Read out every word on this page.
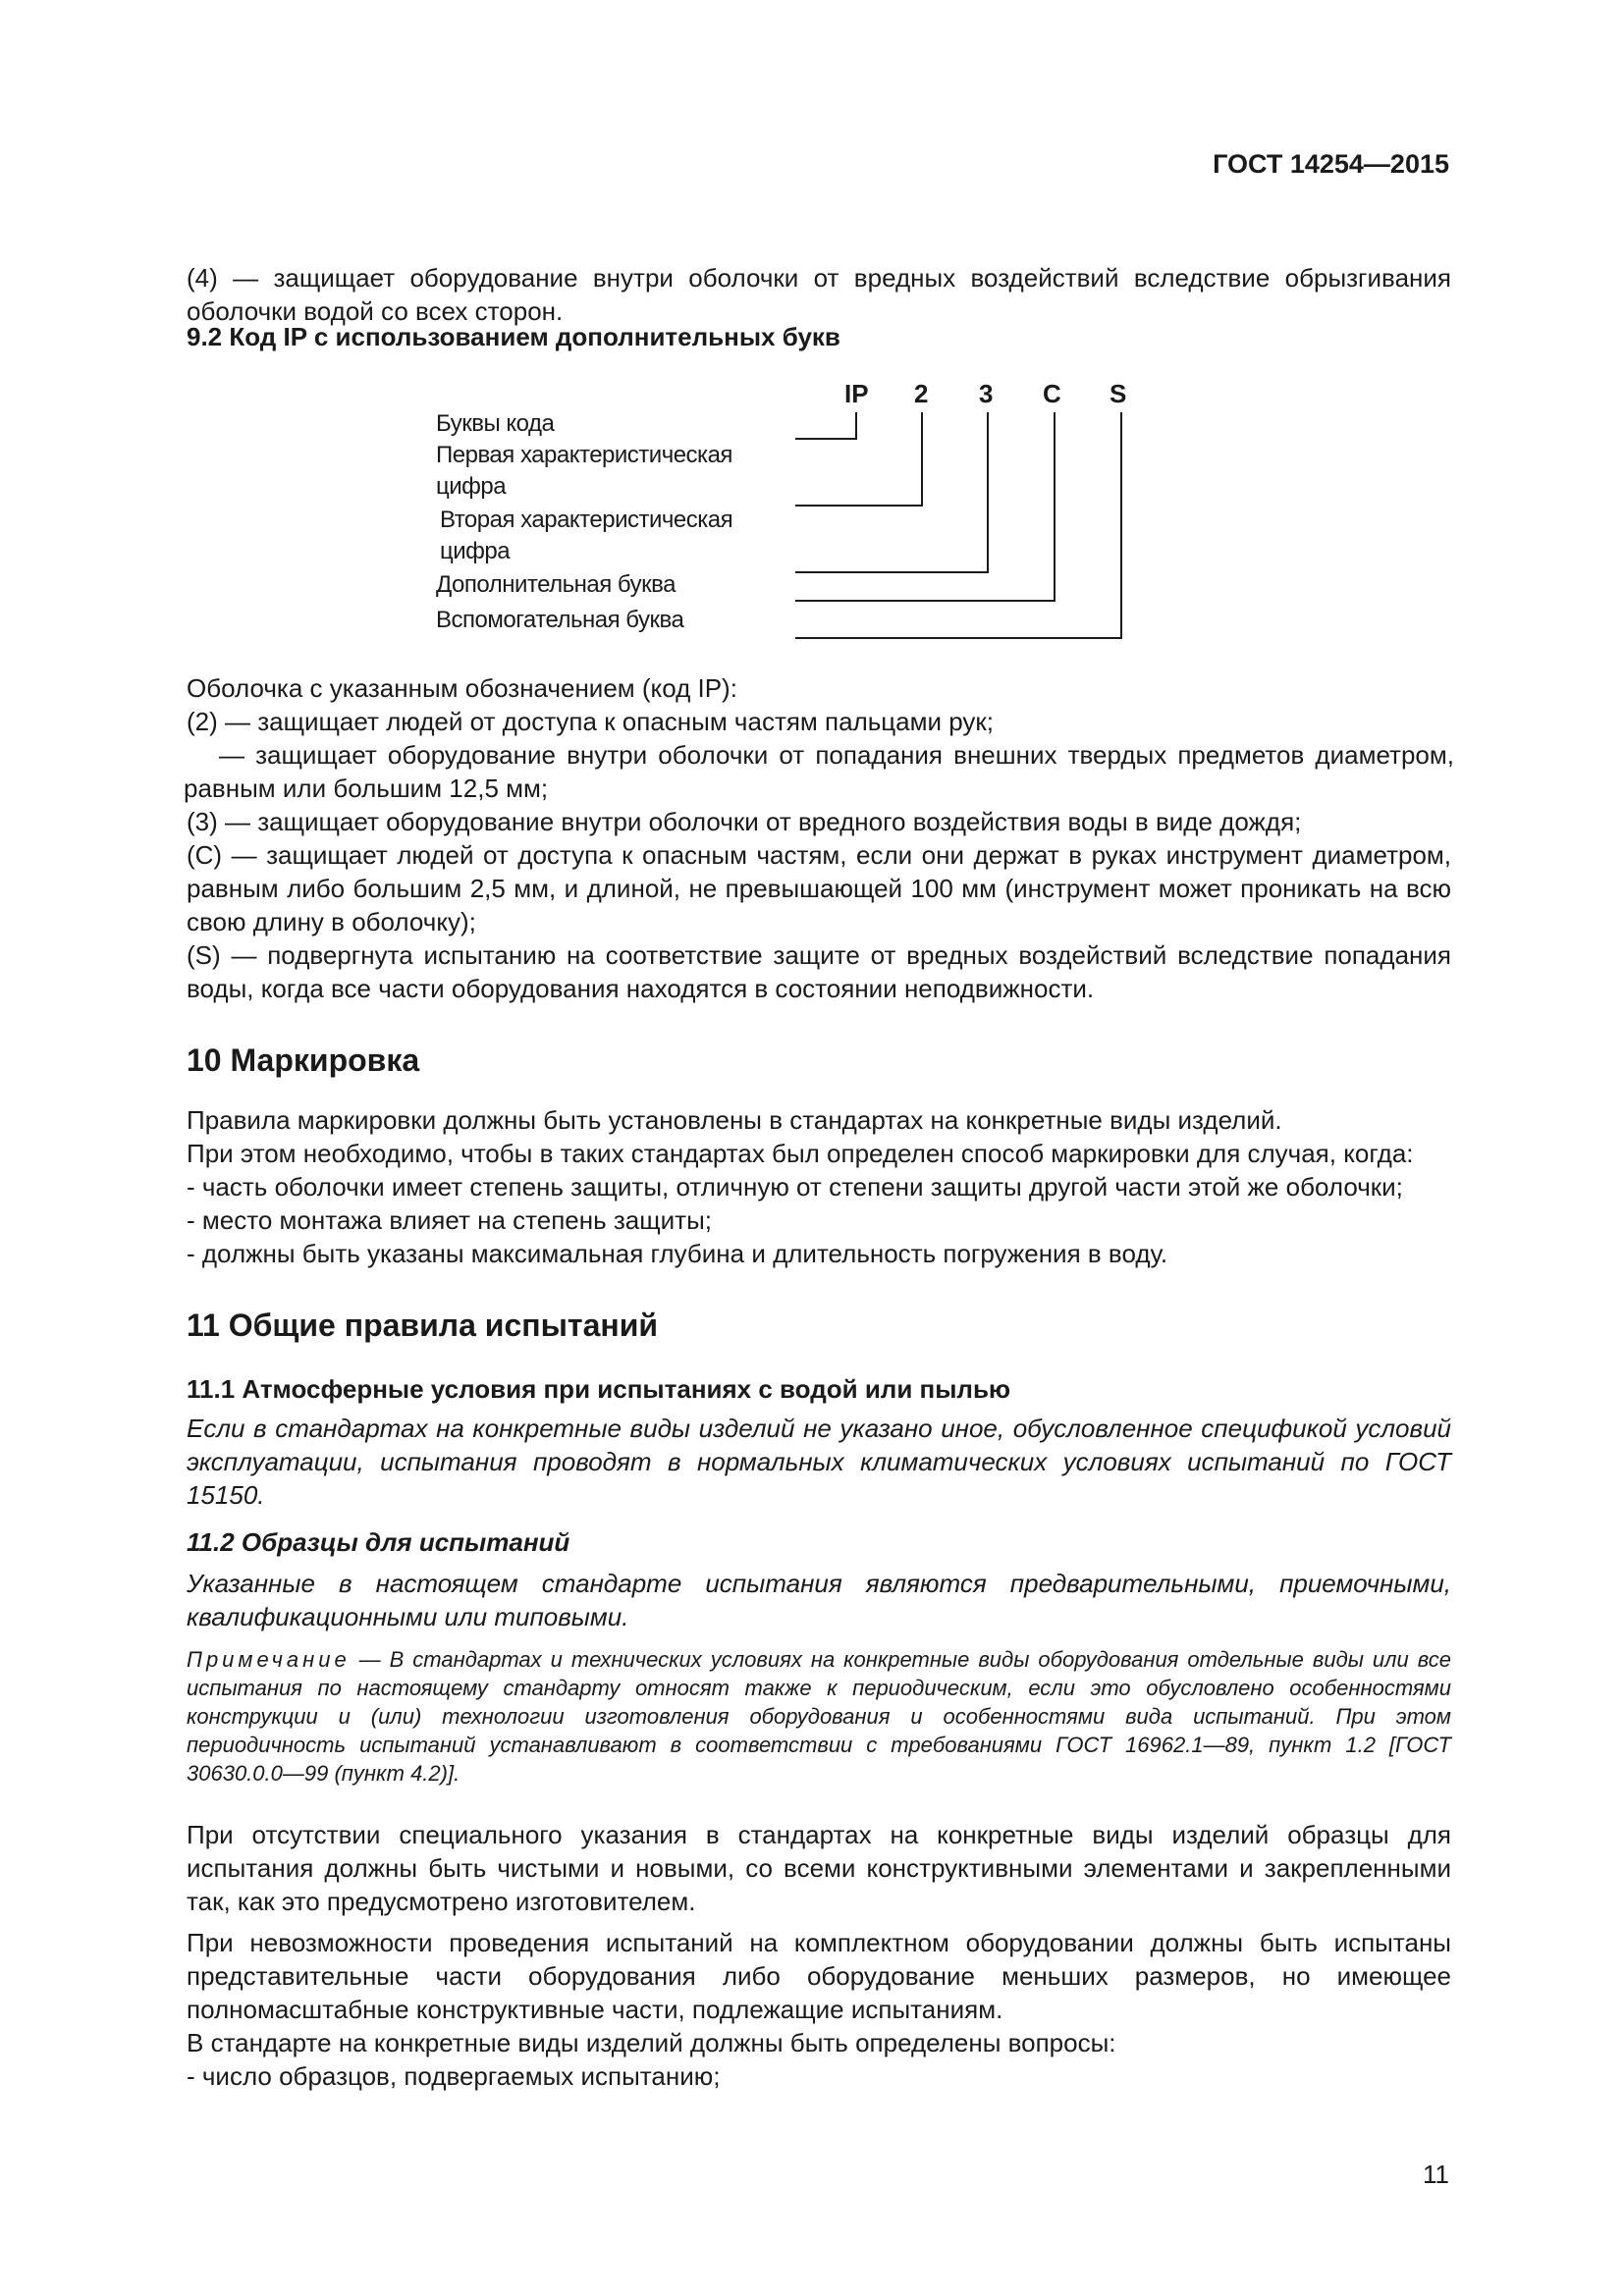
ГОСТ 14254—2015

(4) — защищает оборудование внутри оболочки от вредных воздействий вследствие обрызгивания оболочки водой со всех сторон.

9.2 Код IP с использованием дополнительных букв
IP 2 3 C S
Буквы кода
Первая характеристическая
цифра
Вторая характеристическая
цифра
Дополнительная буква
Вспомогательная буква

Оболочка с указанным обозначением (код IP):

(2) — защищает людей от доступа к опасным частям пальцами рук;

— защищает оборудование внутри оболочки от попадания внешних твердых предметов диаметром, равным или большим 12,5 мм;

(3) — защищает оборудование внутри оболочки от вредного воздействия воды в виде дождя;

(C) — защищает людей от доступа к опасным частям, если они держат в руках инструмент диаметром, равным либо большим 2,5 мм, и длиной, не превышающей 100 мм (инструмент может проникать на всю свою длину в оболочку);

(S) — подвергнута испытанию на соответствие защите от вредных воздействий вследствие попадания воды, когда все части оборудования находятся в состоянии неподвижности.

10 Маркировка

Правила маркировки должны быть установлены в стандартах на конкретные виды изделий.

При этом необходимо, чтобы в таких стандартах был определен способ маркировки для случая, когда:

- часть оболочки имеет степень защиты, отличную от степени защиты другой части этой же оболочки;

- место монтажа влияет на степень защиты;

- должны быть указаны максимальная глубина и длительность погружения в воду.

11 Общие правила испытаний
11.1 Атмосферные условия при испытаниях с водой или пылью

Если в стандартах на конкретные виды изделий не указано иное, обусловленное спецификой условий эксплуатации, испытания проводят в нормальных климатических условиях испытаний по ГОСТ 15150.

11.2 Образцы для испытаний

Указанные в настоящем стандарте испытания являются предварительными, приемочными, квалификационными или типовыми.

Примечание — В стандартах и технических условиях на конкретные виды оборудования отдельные виды или все испытания по настоящему стандарту относят также к периодическим, если это обусловлено особенностями конструкции и (или) технологии изготовления оборудования и особенностями вида испытаний. При этом периодичность испытаний устанавливают в соответствии с требованиями ГОСТ 16962.1—89, пункт 1.2 [ГОСТ 30630.0.0—99 (пункт 4.2)].

При отсутствии специального указания в стандартах на конкретные виды изделий образцы для испытания должны быть чистыми и новыми, со всеми конструктивными элементами и закрепленными так, как это предусмотрено изготовителем.

При невозможности проведения испытаний на комплектном оборудовании должны быть испытаны представительные части оборудования либо оборудование меньших размеров, но имеющее полномасштабные конструктивные части, подлежащие испытаниям.

В стандарте на конкретные виды изделий должны быть определены вопросы:

- число образцов, подвергаемых испытанию;

11
